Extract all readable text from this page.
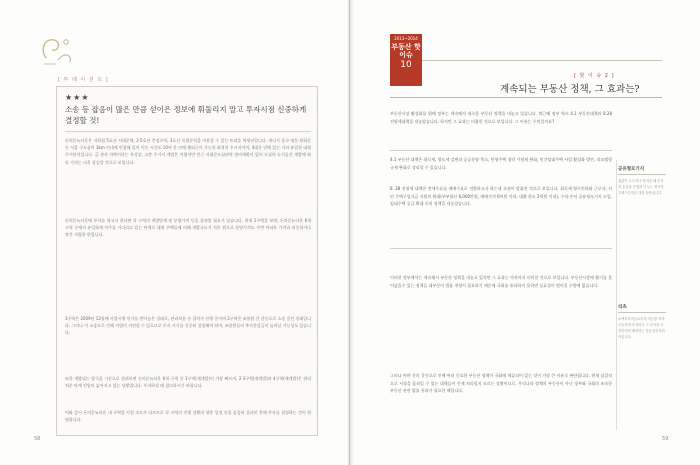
[ 투 데 이 전 트 ]
★★★
소송 등 잡음이 많은 만큼 섣이은 정보에 휘둘리지 말고 투자시점 신중하게 결정할 것!
돈의문뉴타운은 지하철 5호선 서대문역, 2·5호선 충정로역, 3호선 독립문역을 이용할 수 있는 트리플 역세권입니다. 게다가 종로·명동·광화문 등 서울 구도심이 3km 이내에 인접해 있어 이동 시간도 10여 분 안에 출퇴근이 가능한 최적의 주거지이며, 4대문 안에 있는 거의 유일한 대형 주거단지입니다. 금 관사 자락이라는 특성상, 고층 주거지 개발은 어렵지만 인근 서대문도심권역 정비계획이 있어 도심의 녹지공간 개발에 따라 가치는 더욱 상승할 것으로 보입니다.
돈의문뉴타운에 투자를 하고자 한다면 각 구역의 개발단계 및 분양가격 등을 살펴볼 필요가 있습니다. 현재 1구역을 보면, 돈의문뉴타운 6개 구역 중에서 유일하게 이주를 기다리고 있는 단계로 대형 주택들에 비해 개발규모가 적은 편으로 분양가격도 주변 아파트 가격과 비슷하거나 약간 저렴한 편입니다.
3구역은 2009년 12월에 사업시행 인가를 받아놓은 상태로, 관리처분 등 절차가 진행 중이며 2구역은 조합원 간 갈등으로 소송 중인 상태입니다. 그러나 이 소송으로 인해 사업이 지연될 수 있으므로 투자 시기를 신중히 결정해야 하며, 조합원들의 추가분담금이 늘어날 가능성도 있습니다.
또한 개발되는 방식을 기준으로 살펴보면 돈의문뉴타운 6개 구역 중 1구역(재개발)이 가장 빠르며, 2·3구역(재개발)과 4구역(재개발)은 관리처분 단계 진입이 늦어지고 있는 상황입니다. 투자하실 때 참고하시기 바랍니다.
이와 같이 돈의문뉴타운 내 구역별 사업 속도가 다르므로 각 구역의 진행 상황과 향후 일정 등을 꼼꼼히 살펴본 후에 투자를 결정하는 것이 현명합니다.
58
2013~2014
부동산 핫이슈
10
[ 핫 이 슈 2 ]
계속되는 부동산 정책, 그 효과는?
부동산시장 활성화를 위해 정부는 계속해서 새로운 부동산 정책을 내놓고 있습니다. 박근혜 정부 역시 4.1 부동산대책과 8.28 전월세대책을 내놓았습니다. 하지만 그 효과는 미흡한 것으로 보입니다. 그 이유는 무엇일까요?
4.1 부동산 대책은 취득세, 양도세 감면과 공공분양 축소, 민영주택 청약 가점제 완화, 민간임대주택 사업 활성화 방안, 리모델링 규제 완화로 정리할 수 있습니다.
8. 28 전월세 대책은 전세수요를 매매수요로 전환하고자 하는데 초점이 맞춰진 것으로 보입니다. 취득세 영구인하와 근로자, 서민 주택구입자금 지원의 확대(부부합산 6,000만원, 매매가격 6억원 이하, 대출 한도 2억원 이내), 수익·손익 공유형모기지 도입, 임대주택 공급 확대 등의 정책을 내놓았습니다.
이러한 정부에서는 계속해서 부동산 정책을 내놓고 있지만 그 효과는 아직까지 미미한 것으로 보입니다. 부동산시장에 활기를 불어넣을수 있는 정책들 대부분이 법률 개정이 필요하기 때문에 국회를 통과하지 못하면 실효성이 떨어질 수밖에 없습니다.
그러나 여야 간의 갈등으로 인해 여러 중요한 부동산 정책이 국회에 계류되어 있는 것이 가장 큰 이유로 판단됩니다. 현재 실질적으로 시장을 움직일 수 있는 대책들이 언제 처리될지 모르는 상황이므로, 우리나라 정책의 부동산이 아닌 정부와 국회의 조속한 부동산 관련 법률 통과가 필요한 때입니다.
공유형모기지
집값이 오르거나 떨어질 때 수익과 손실을 은행과 나누는 방식의 주택구입자금 대출 상품입니다.
리츠
소액투자자들로부터 자금을 모아 부동산에 투자하고 그 수익을 투자자에게 배당하는 부동산투자회사입니다.
59
